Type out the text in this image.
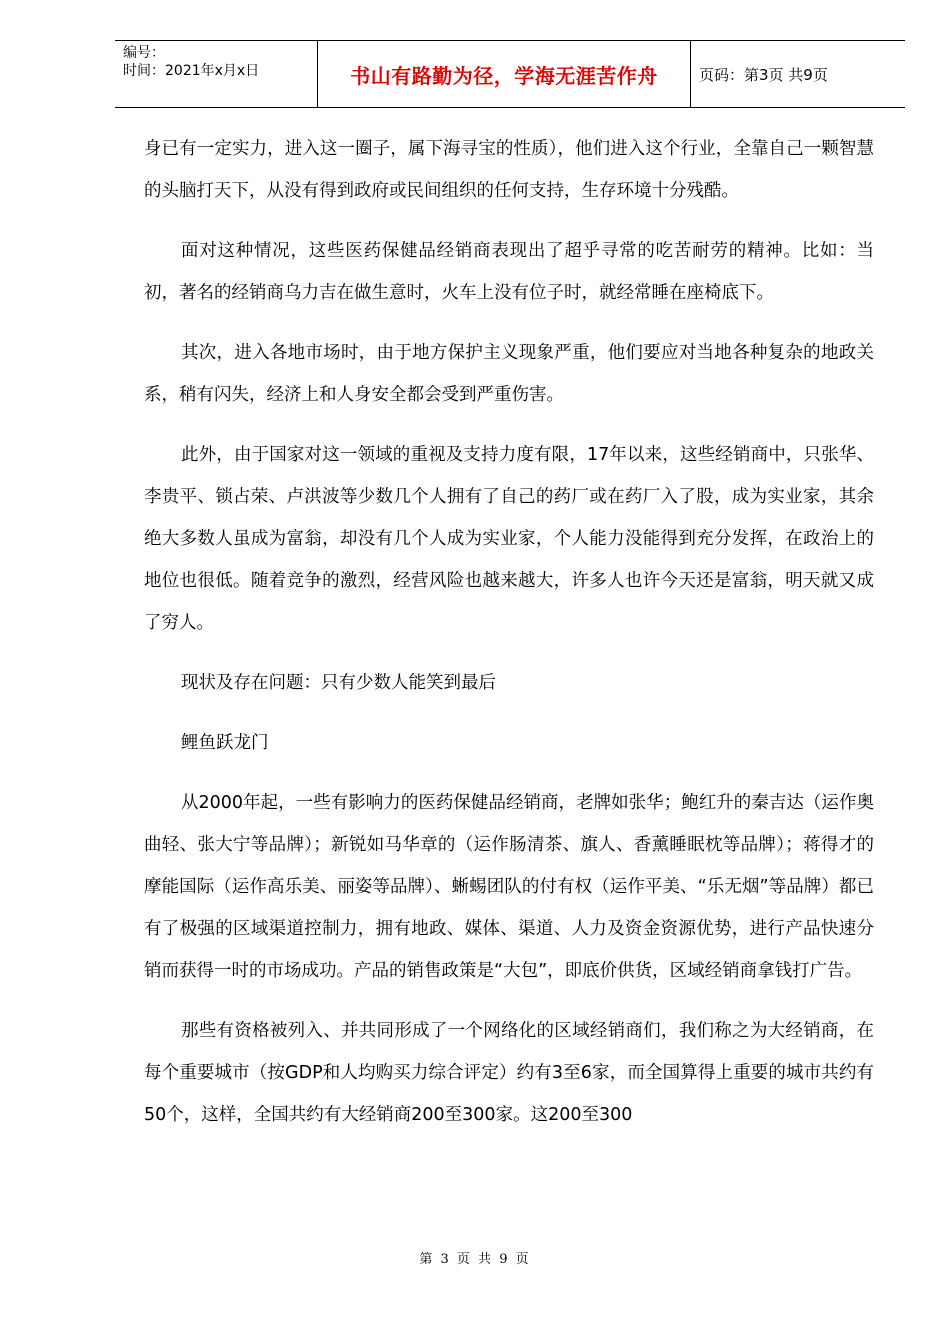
编号：
时间：2021年x月x日	书山有路勤为径，学海无涯苦作舟	页码：第3页 共9页

身已有一定实力，进入这一圈子，属下海寻宝的性质），他们进入这个行业，全靠自己一颗智慧的头脑打天下，从没有得到政府或民间组织的任何支持，生存环境十分残酷。

面对这种情况，这些医药保健品经销商表现出了超乎寻常的吃苦耐劳的精神。比如：当初，著名的经销商乌力吉在做生意时，火车上没有位子时，就经常睡在座椅底下。

其次，进入各地市场时，由于地方保护主义现象严重，他们要应对当地各种复杂的地政关系，稍有闪失，经济上和人身安全都会受到严重伤害。

此外，由于国家对这一领域的重视及支持力度有限，17年以来，这些经销商中，只张华、李贵平、锁占荣、卢洪波等少数几个人拥有了自己的药厂或在药厂入了股，成为实业家，其余绝大多数人虽成为富翁，却没有几个人成为实业家，个人能力没能得到充分发挥，在政治上的地位也很低。随着竞争的激烈，经营风险也越来越大，许多人也许今天还是富翁，明天就又成了穷人。

现状及存在问题：只有少数人能笑到最后

鲤鱼跃龙门

从2000年起，一些有影响力的医药保健品经销商，老牌如张华；鲍红升的秦吉达（运作奥曲轻、张大宁等品牌）；新锐如马华章的（运作肠清茶、旗人、香薰睡眠枕等品牌）；蒋得才的摩能国际（运作高乐美、丽姿等品牌）、蜥蜴团队的付有权（运作平美、“乐无烟”等品牌）都已有了极强的区域渠道控制力，拥有地政、媒体、渠道、人力及资金资源优势，进行产品快速分销而获得一时的市场成功。产品的销售政策是“大包”，即底价供货，区域经销商拿钱打广告。

那些有资格被列入、并共同形成了一个网络化的区域经销商们，我们称之为大经销商，在每个重要城市（按GDP和人均购买力综合评定）约有3至6家，而全国算得上重要的城市共约有50个，这样，全国共约有大经销商200至300家。这200至300

第 3 页 共 9 页
